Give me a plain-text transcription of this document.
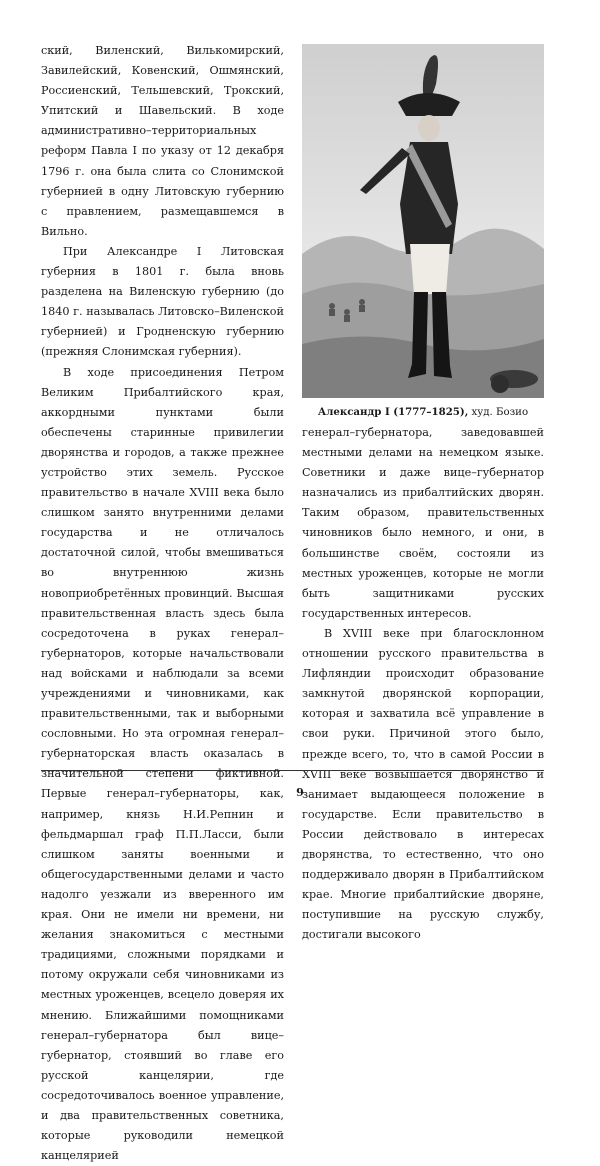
ский, Виленский, Вилькомирский, Завилейский, Ковенский, Ошмянский, Россиенский, Тельшевский, Трокский, Упитский и Шавельский. В ходе административно–территориальных реформ Павла I по указу от 12 декабря 1796 г. она была слита со Слонимской губернией в одну Литовскую губернию с правлением, размещавшемся в Вильно.

При Александре I Литовская губерния в 1801 г. была вновь разделена на Виленскую губернию (до 1840 г. называлась Литовско–Виленской губернией) и Гродненскую губернию (прежняя Слонимская губерния).

В ходе присоединения Петром Великим Прибалтийского края, аккордными пунктами были обеспечены старинные привилегии дворянства и городов, а также прежнее устройство этих земель. Русское правительство в начале XVIII века было слишком занято внутренними делами государства и не отличалось достаточной силой, чтобы вмешиваться во внутреннюю жизнь новоприобретённых провинций. Высшая правительственная власть здесь была сосредоточена в руках генерал–губернаторов, которые начальствовали над войсками и наблюдали за всеми учреждениями и чиновниками, как правительственными, так и выборными сословными. Но эта огромная генерал–губернаторская власть оказалась в значительной степени фиктивной. Первые генерал–губернаторы, как, например, князь Н.И.Репнин и фельдмаршал граф П.П.Ласси, были слишком заняты военными и общегосударственными делами и часто надолго уезжали из вверенного им края. Они не имели ни времени, ни желания знакомиться с местными традициями, сложными порядками и потому окружали себя чиновниками из местных уроженцев, всецело доверяя их мнению. Ближайшими помощниками генерал–губернатора был вице–губернатор, стоявший во главе его русской канцелярии, где сосредоточивалось военное управление, и два правительственных советника, которые руководили немецкой канцелярией

Александр I (1777–1825), худ. Бозио

генерал–губернатора, заведовавшей местными делами на немецком языке. Советники и даже вице–губернатор назначались из прибалтийских дворян. Таким образом, правительственных чиновников было немного, и они, в большинстве своём, состояли из местных уроженцев, которые не могли быть защитниками русских государственных интересов.

В XVIII веке при благосклонном отношении русского правительства в Лифляндии происходит образование замкнутой дворянской корпорации, которая и захватила всё управление в свои руки. Причиной этого было, прежде всего, то, что в самой России в XVIII веке возвышается дворянство и занимает выдающееся положение в государстве. Если правительство в России действовало в интересах дворянства, то естественно, что оно поддерживало дворян в Прибалтийском крае. Многие прибалтийские дворяне, поступившие на русскую службу, достигали высокого

9
